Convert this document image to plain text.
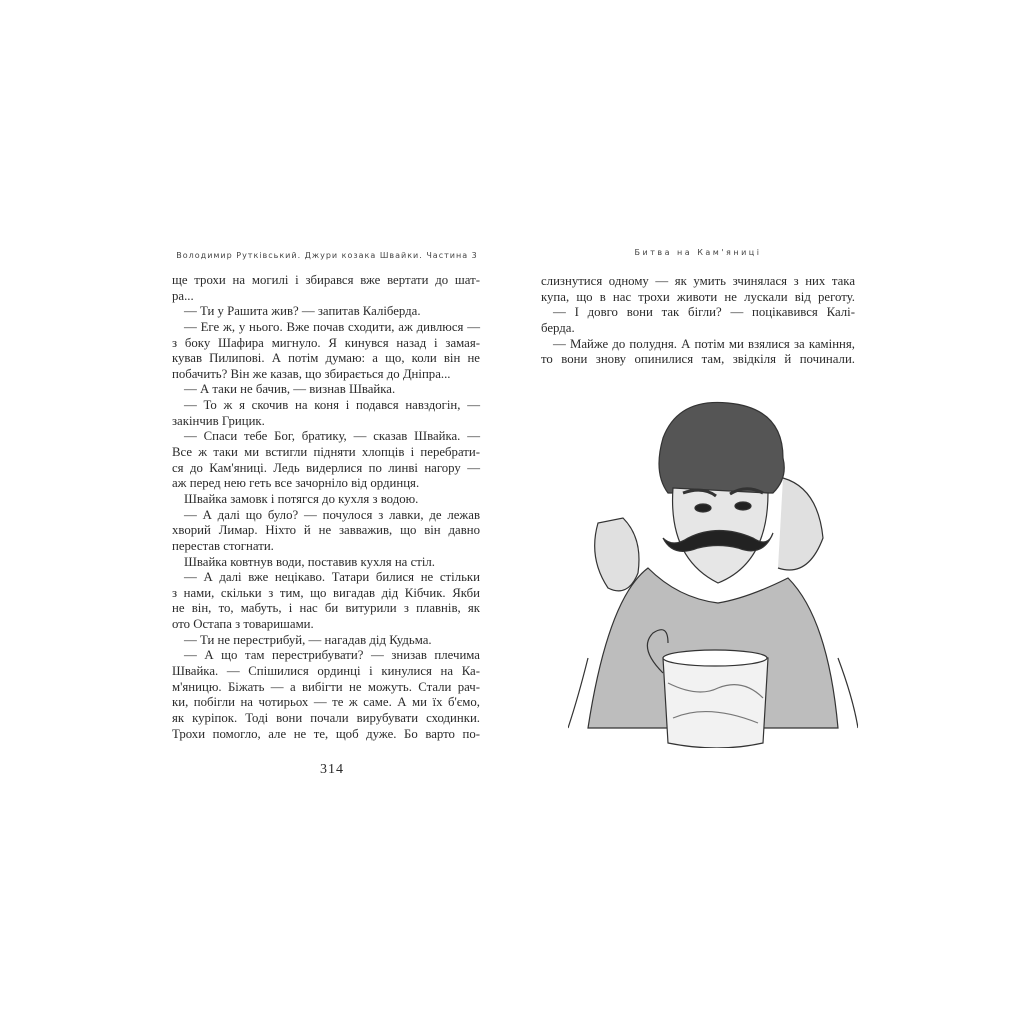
Володимир Рутківський. Джури козака Швайки. Частина 3
ще трохи на могилі і збирався вже вертати до шат-
ра...
— Ти у Рашита жив? — запитав Каліберда.
— Еге ж, у нього. Вже почав сходити, аж дивлюся —
з боку Шафира мигнуло. Я кинувся назад і замая-
кував Пилипові. А потім думаю: а що, коли він не
побачить? Він же казав, що збирається до Дніпра...
— А таки не бачив, — визнав Швайка.
— То ж я скочив на коня і подався навздогін, —
закінчив Грицик.
— Спаси тебе Бог, братику, — сказав Швайка. —
Все ж таки ми встигли підняти хлопців і перебрати-
ся до Кам'яниці. Ледь видерлися по линві нагору —
аж перед нею геть все зачорніло від ординця.
Швайка замовк і потягся до кухля з водою.
— А далі що було? — почулося з лавки, де лежав
хворий Лимар. Ніхто й не завважив, що він давно
перестав стогнати.
Швайка ковтнув води, поставив кухля на стіл.
— А далі вже нецікаво. Татари билися не стільки
з нами, скільки з тим, що вигадав дід Кібчик. Якби
не він, то, мабуть, і нас би витурили з плавнів, як
ото Остапа з товаришами.
— Ти не перестрибуй, — нагадав дід Кудьма.
— А що там перестрибувати? — знизав плечима
Швайка. — Спішилися ординці і кинулися на Ка-
м'яницю. Біжать — а вибігти не можуть. Стали рач-
ки, побігли на чотирьох — те ж саме. А ми їх б'ємо,
як куріпок. Тоді вони почали вирубувати сходинки.
Трохи помогло, але не те, щоб дуже. Бо варто по-
314
Битва на Кам'яниці
слизнутися одному — як умить зчинялася з них така
купа, що в нас трохи животи не лускали від реготу.
— І довго вони так бігли? — поцікавився Калі-
берда.
— Майже до полудня. А потім ми взялися за каміння,
то вони знову опинилися там, звідкіля й починали.
